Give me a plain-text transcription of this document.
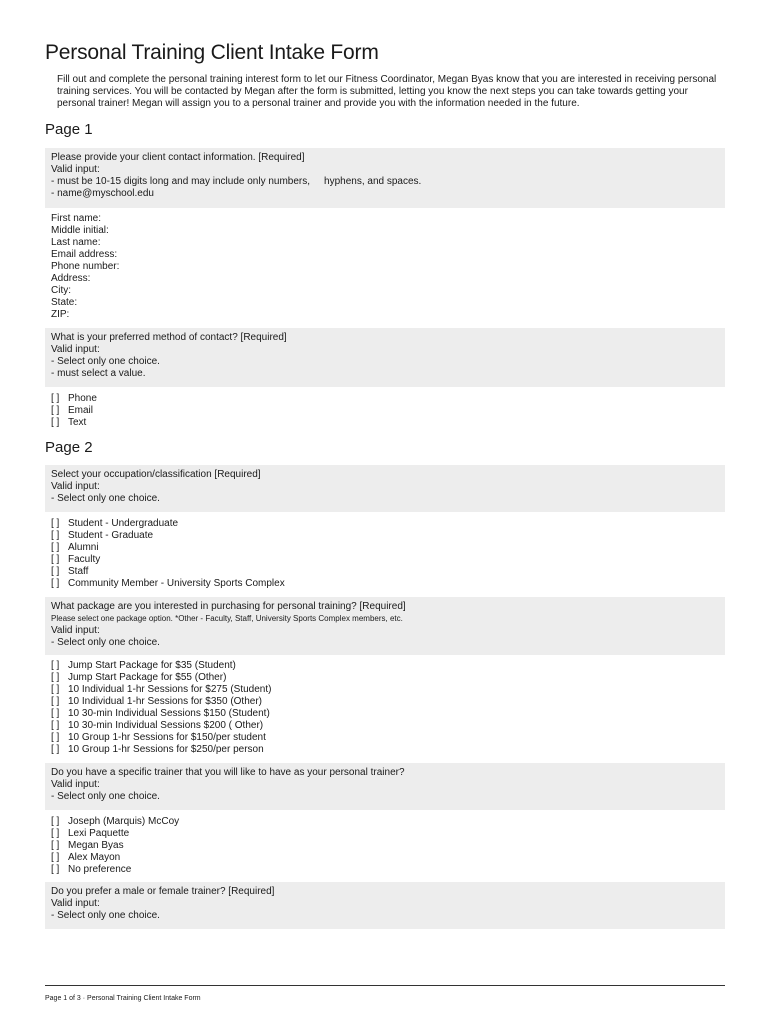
Personal Training Client Intake Form

Fill out and complete the personal training interest form to let our Fitness Coordinator, Megan Byas know that you are interested in receiving personal training services. You will be contacted by Megan after the form is submitted, letting you know the next steps you can take towards getting your personal trainer! Megan will assign you to a personal trainer and provide you with the information needed in the future.

Page 1
Please provide your client contact information. [Required]
Valid input:
- must be 10-15 digits long and may include only numbers, hyphens, and spaces.
- name@myschool.edu
First name:
Middle initial:
Last name:
Email address:
Phone number:
Address:
City:
State:
ZIP:
What is your preferred method of contact? [Required]
Valid input:
- Select only one choice.
- must select a value.
[ ] Phone
[ ] Email
[ ] Text
Page 2
Select your occupation/classification [Required]
Valid input:
- Select only one choice.
[ ] Student - Undergraduate
[ ] Student - Graduate
[ ] Alumni
[ ] Faculty
[ ] Staff
[ ] Community Member - University Sports Complex
What package are you interested in purchasing for personal training? [Required]
Please select one package option. *Other - Faculty, Staff, University Sports Complex members, etc.
Valid input:
- Select only one choice.
[ ] Jump Start Package for $35 (Student)
[ ] Jump Start Package for $55 (Other)
[ ] 10 Individual 1-hr Sessions for $275 (Student)
[ ] 10 Individual 1-hr Sessions for $350 (Other)
[ ] 10 30-min Individual Sessions $150 (Student)
[ ] 10 30-min Individual Sessions $200 ( Other)
[ ] 10 Group 1-hr Sessions for $150/per student
[ ] 10 Group 1-hr Sessions for $250/per person
Do you have a specific trainer that you will like to have as your personal trainer?
Valid input:
- Select only one choice.
[ ] Joseph (Marquis) McCoy
[ ] Lexi Paquette
[ ] Megan Byas
[ ] Alex Mayon
[ ] No preference
Do you prefer a male or female trainer? [Required]
Valid input:
- Select only one choice.
Page 1 of 3 · Personal Training Client Intake Form
